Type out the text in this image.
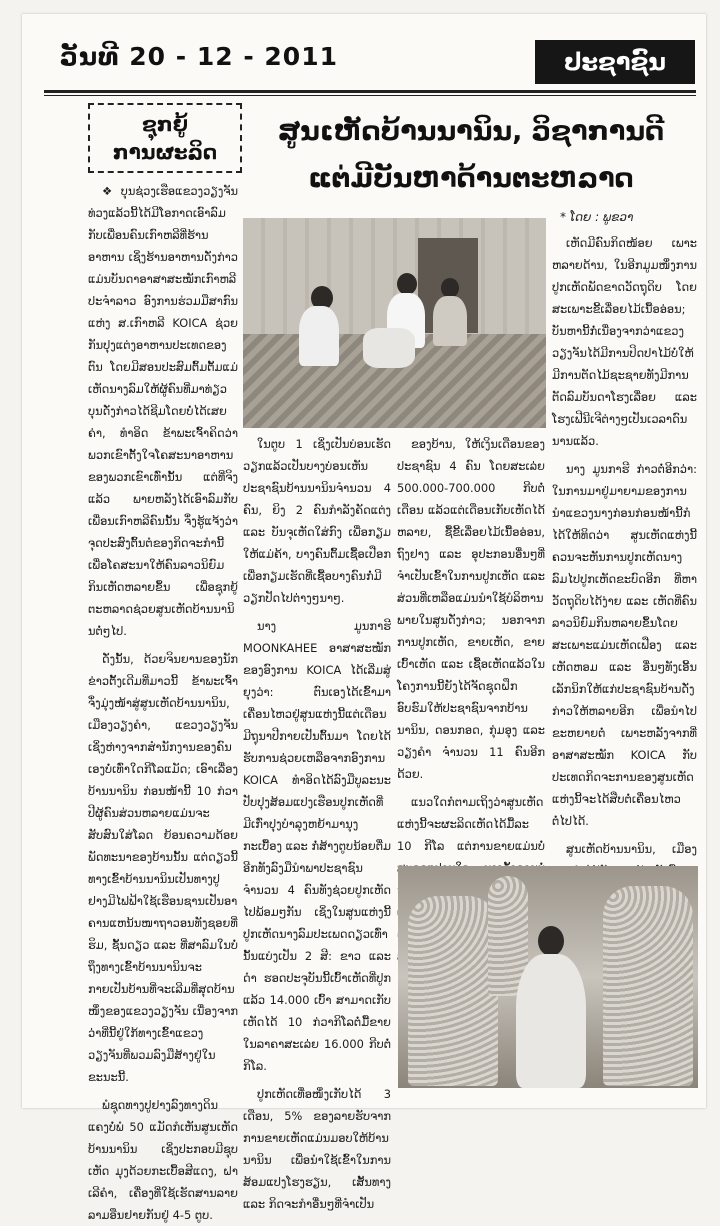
ວັນທີ 20 - 12 - 2011	ປະຊາຊົນ
ຊຸກຍູ້
ການຜະລິດ
ສູນເຫັດບ້ານນານິນ, ວິຊາການດີ
ແຕ່ມີບັນຫາດ້ານຕະຫລາດ
* ໂດຍ : ພູຂວາ

❖ ບຸນຊ່ວງເຮືອແຂວງວຽງຈັນ ທ່ວງແລ້ວນີ້ໄດ້ມີໂອກາດເອົາລົມກັບເພື່ອນຄົນເກົາຫລີທີ່ຮ້ານອາຫານ ເຊິ່ງຮ້ານອາຫານດັ່ງກ່າວແມ່ນບັນດາອາສາສະໝັກເກົາຫລີ ປະຈຳລາວ ອົງການຮ່ວມມືສາກົນ ແຫ່ງ ສ.ເກົາຫລີ KOICA ຊ່ວຍກັນປຸງແຕ່ງອາຫານປະເທດຂອງຕົນ ໂດຍມີສອນປະສົມຕົ້ມຕັ້ມແມ່ເຫັດນາງລົມໃຫ້ຜູ້ຄົນທີ່ມາທ່ຽວບຸນດັ່ງກ່າວໄດ້ຊີມໂດຍບໍ່ໄດ້ເສຍຄ່າ, ທຳອິດ ຂ້າພະເຈົ້າຄິດວ່າພວກເຂົາຕັ້ງໃຈໂຄສະນາອາຫານຂອງພວກເຂົາເທົ່ານັ້ນ ແຕ່ທີ່ຈິງແລ້ວ ພາຍຫລັງໄດ້ເອົາລົມກັບເພື່ອນເກົາຫລີຄົນນັ້ນ ຈຶ່ງຮູ້ແຈ້ງວ່າຈຸດປະສົງຕົ້ນຕໍຂອງກິດຈະກຳນີ້ ເພື່ອໂຄສະນາໃຫ້ຄົນລາວນິຍົມກິນເຫັດຫລາຍຂຶ້ນ ເພື່ອຊຸກຍູ້ຕະຫລາດຊ່ວຍສູນເຫັດບ້ານນານິນຕໍ່ໆໄປ.

ດັ່ງນັ້ນ, ດ້ວຍຈິນຍານຂອງນັກຂ່າວຕັ້ງເດີມທີ່ມາວນີ້ ຂ້າພະເຈົ້າ ຈຶ່ງມຸ່ງໜ້າສູ່ສູນເຫັດບ້ານນານິນ, ເມືອງວຽງຄຳ, ແຂວງວຽງຈັນ ເຊິ່ງຫ່າງຈາກສຳນັກງານຂອງຄົນເອງບໍ່ເທົ່າໃດກີໂລແມັດ; ເອົາເລື່ອງບ້ານນານິນ ກ່ອນໜ້ານີ້ 10 ກ່ວາປີຜູ້ຄົນສ່ວນຫລາຍແມ່ນຈະສັບສົນໃສ່ໂລດ ຍ້ອນຄວາມດ້ອຍພັດທະນາຂອງບ້ານນັ້ນ ແຕ່ດຽວນີ້ທາງເຂົ້າບ້ານນານິນເປັນທາງປູຢາງມີໄຟຟ້າໃຊ້ເຮືອນຊານເປັນອາຄານແຫນ້ນໜາຖາວອນທັງຊອຍທີ່ຮິມ, ຊັ້ນດຽວ ແລະ ທີ່ສາລົມໃນບໍ່ຖຶງທາງເຂົ້າບ້ານນານິນຈະກາຍເປັນບ້ານທີ່ຈະເລີມທີ່ສຸດບ້ານໜຶ່ງຂອງແຂວງວຽງຈັນ ເນື່ອງຈາກວ່າທີ່ນີ້ຢູ່ໃກ້ທາງເຂົ້າແຂວງວຽງຈັນທີ່ພວມລົງມືສ້າງຢູ່ໃນຂະນະນີ້.

ພໍຊຸດທາງປູຢາງລົງທາງດິນແຄງບໍ່ພໍ 50 ແມັດກໍເຫັນສູນເຫັດບ້ານນານິນ ເຊິ່ງປະກອບມີຊຸບເຫັດ ມຸງດ້ວຍກະເບື້ອສີແດງ, ຝາເລີຄຳ, ເຄື່ອງທີ່ໃຊ້ເຮັດສານລາຍລາມອືນຢາຍກັນຢູ່ 4-5 ຕູບ.

ໃນຕູບ 1 ເຊິ່ງເປັນບ່ອນເຮັດວຽກແລ້ວເປັນບາງບ່ອນເຫັນປະຊາຊົນບ້ານນານິນຈຳນວນ 4 ຄົນ, ຍິງ 2 ຄົນກຳລັງຄັດແຕ່ງ ແລະ ບັນຈຸເຫັດໃສ່ກົງ ເພື່ອກຽມໃຫ້ແມ່ຄ້າ, ບາງຄົນຕົ້ມເຊື້ອເປືອກ ເພື່ອກຽມເຮັດທີ່ເຊື້ອບາງຄົນກໍ່ມີວຽກປັດໄປຕ່າງໆນາໆ.

ນາງ ມູນກາຮີ MOONKAHEE ອາສາສະໝັກຂອງອົງການ KOICA ໄດ້ເລີ່ມສູ່ຍຸງວ່າ: ຕົນເອງໄດ້ເຂົ້າມາເຄື່ອນໄຫວຢູ່ສູນແຫ່ງນີ້ແຕ່ເດືອນມີຖຸນາປີກາຍເປັນຕົ້ນມາ ໂດຍໄດ້ຮັບການຊ່ວຍເຫລືອຈາກອົງການ KOICA ທຳອິດໄດ້ລົງມືບູລະນະປັບປຸງສ້ອມແປງເຮືອນປູກເຫັດທີ່ມີເກົ່າປຸງບຳລຸງຫຍ້າມານຸງກະເບື້ອງ ແລະ ກໍ່ສ້າງຕູບນ້ອຍຕື່ມອີກທັງລົງມືນຳພາປະຊາຊົນຈຳນວນ 4 ຄົນທັງຊ່ວຍປູກເຫັດໄປພ້ອມໆກັນ ເຊິ່ງໃນສູນແຫ່ງນີ້ປູກເຫັດນາງລົມປະເພດດຽວເທົ່ານັ້ນແບ່ງເປັນ 2 ສີ: ຂາວ ແລະ ດຳ ຮອດປະຈຸບັນນີ້ເບົ້າເຫັດທີ່ປູກແລ້ວ 14.000 ເບົ້າ ສາມາດເກັບເຫັດໄດ້ 10 ກ່ວາກິໂລຕໍ່ມື້ຂາຍໃນລາຄາສະເລ່ຍ 16.000 ກີບຕໍ່ກິໂລ.

ປູກເຫັດເທື່ອໜຶ່ງເກັບໄດ້ 3 ເດືອນ, 5% ຂອງລາຍຮັບຈາກການຂາຍເຫັດແມ່ນມອບໃຫ້ບ້ານນານິນ ເພື່ອນຳໃຊ້ເຂົ້າໃນການສ້ອມແປງໂຮງຮຽນ, ເສັ້ນທາງ ແລະ ກິດຈະກຳອື່ນໆທີ່ຈຳເປັນ

ຂອງບ້ານ, ໃຫ້ເງິນເດືອນຂອງປະຊາຊົນ 4 ຄົນ ໂດຍສະເລ່ຍ 500.000-700.000 ກີບຕໍ່ເດືອນ ແລ້ວແຕ່ເດືອນເກັບເຫັດໄດ້ຫລາຍ, ຊື້ຂີ້ເລື່ອຍໄມ້ເນື້ອອ່ອນ, ຖົງຢາງ ແລະ ອຸປະກອນອື່ນໆທີ່ຈຳເປັນເຂົ້າໃນການປູກເຫັດ ແລະ ສ່ວນທີ່ເຫລືອແມ່ນນຳໃຊ້ບໍລິຫານພາຍໃນສູນດັ່ງກ່າວ; ນອກຈາກການປູກເຫັດ, ຂາຍເຫັດ, ຂາຍເບົ້າເຫັດ ແລະ ເຊື້ອເຫັດແລ້ວໃນໂຄງການນີ້ຍັງໄດ້ຈັດຊຸດຝຶກອົບຮົມໃຫ້ປະຊາຊົນຈາກບ້ານນານິນ, ດອນກອດ, ກຸ່ມອຸງ ແລະ ວຽງຄຳ ຈຳນວນ 11 ຄົນອີກດ້ວຍ.

ແນວໃດກໍຕາມເຖິງວ່າສູນເຫັດແຫ່ງນີ້ຈະຜະລິດເຫັດໄດ້ມື້ລະ 10 ກີໂລ ແຕ່ການຂາຍແມ່ນບໍ່

ເຫັດມີຄົນກິດໜ້ອຍ ເພາະຫລາຍດ້ານ, ໃນອີກມູມໜຶ່ງການປູກເຫັດພັດຂາດວັດຖຸດິບ ໂດຍສະເພາະຂີ້ເລື່ອຍໄມ້ເນື້ອອ່ອນ; ບັນຫານີ້ກໍ່ເນື່ອງຈາກວ່າແຂວງວຽງຈັນໄດ້ມີການປິດປາໄມ້ບໍ່ໃຫ້ມີການຕັດໄມ້ຊະຊາຍທັງມີການຕັດລົມບັນດາໂຮງເລື່ອຍ ແລະ ໂຮງເຟີນີເຈີຕ່າງໆເປັນເວລາດົນນານແລ້ວ.

ນາງ ມູນກາຮີ ກ່າວຕໍ່ອີກວ່າ: ໃນການມາຢູ່ມາຍາມຂອງການນຳແຂວງນາງກ່ອນກ່ອນໜ້ານີ້ກໍໄດ້ໃຫ້ທິດວ່າ ສູນເຫັດແຫ່ງນີ້ຄວນຈະຫັນການປູກເຫັດນາງລົມໄປປູກເຫັດຂະບົດອີກ ທີ່ຫາວັດຖຸດິບໄດ້ງ່າຍ ແລະ ເຫັດທີ່ຄົນລາວນິຍົມກິນຫລາຍຂຶ້ນໂດຍສະເພາະແມ່ນເຫັດເຟືອງ ແລະ ເຫັດຫອມ ແລະ ອື່ນໆທັງເອີ້ນເລັກນິກໃຫ້ແກ່ປະຊາຊົນບ້ານດັ່ງກ່າວໃຫ້ຫລາຍອີກ ເພື່ອນຳໄປຂະຫຍາຍຕໍ່ ເພາະຫລັງຈາກທີ່ອາສາສະໝັກ KOICA ກັບປະເທດກິດຈະການຂອງສູນເຫັດແຫ່ງນີ້ຈະໄດ້ສືບຕໍ່ເຄື່ອນໄຫວຕໍ່ໄປໄດ້.

ສູນເຫັດບ້ານນານິນ, ເມືອງ
